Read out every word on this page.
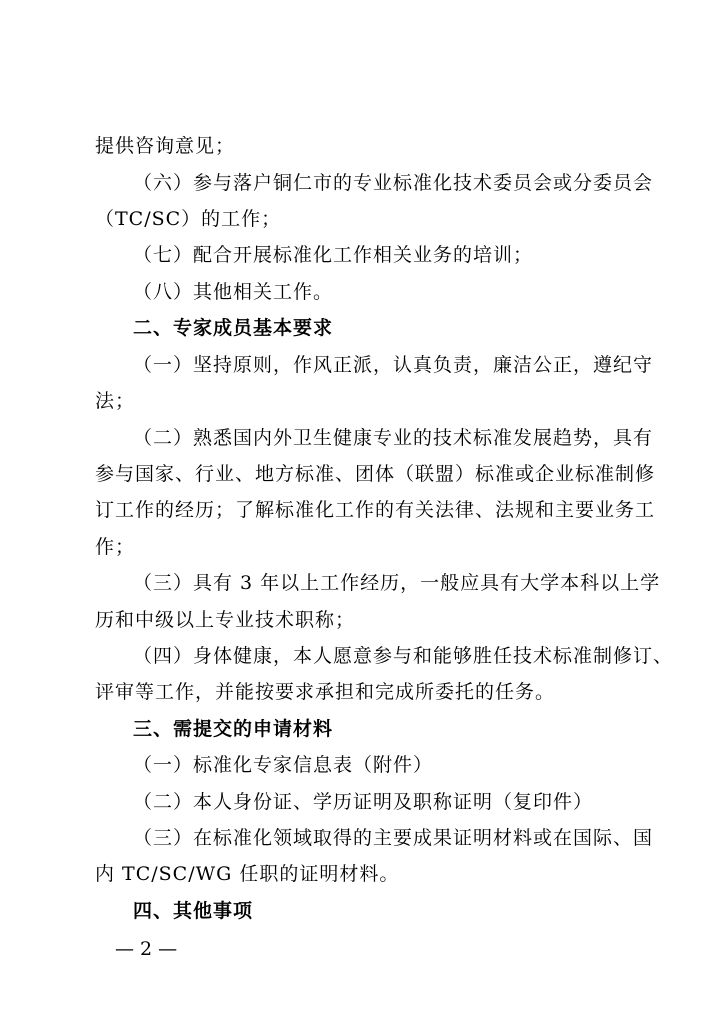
提供咨询意见；
（六）参与落户铜仁市的专业标准化技术委员会或分委员会
（TC/SC）的工作；
（七）配合开展标准化工作相关业务的培训；
（八）其他相关工作。
二、专家成员基本要求
（一）坚持原则，作风正派，认真负责，廉洁公正，遵纪守
法；
（二）熟悉国内外卫生健康专业的技术标准发展趋势，具有
参与国家、行业、地方标准、团体（联盟）标准或企业标准制修
订工作的经历；了解标准化工作的有关法律、法规和主要业务工
作；
（三）具有 3 年以上工作经历，一般应具有大学本科以上学
历和中级以上专业技术职称；
（四）身体健康，本人愿意参与和能够胜任技术标准制修订、
评审等工作，并能按要求承担和完成所委托的任务。
三、需提交的申请材料
（一）标准化专家信息表（附件）
（二）本人身份证、学历证明及职称证明（复印件）
（三）在标准化领域取得的主要成果证明材料或在国际、国
内 TC/SC/WG 任职的证明材料。
四、其他事项
— 2 —
